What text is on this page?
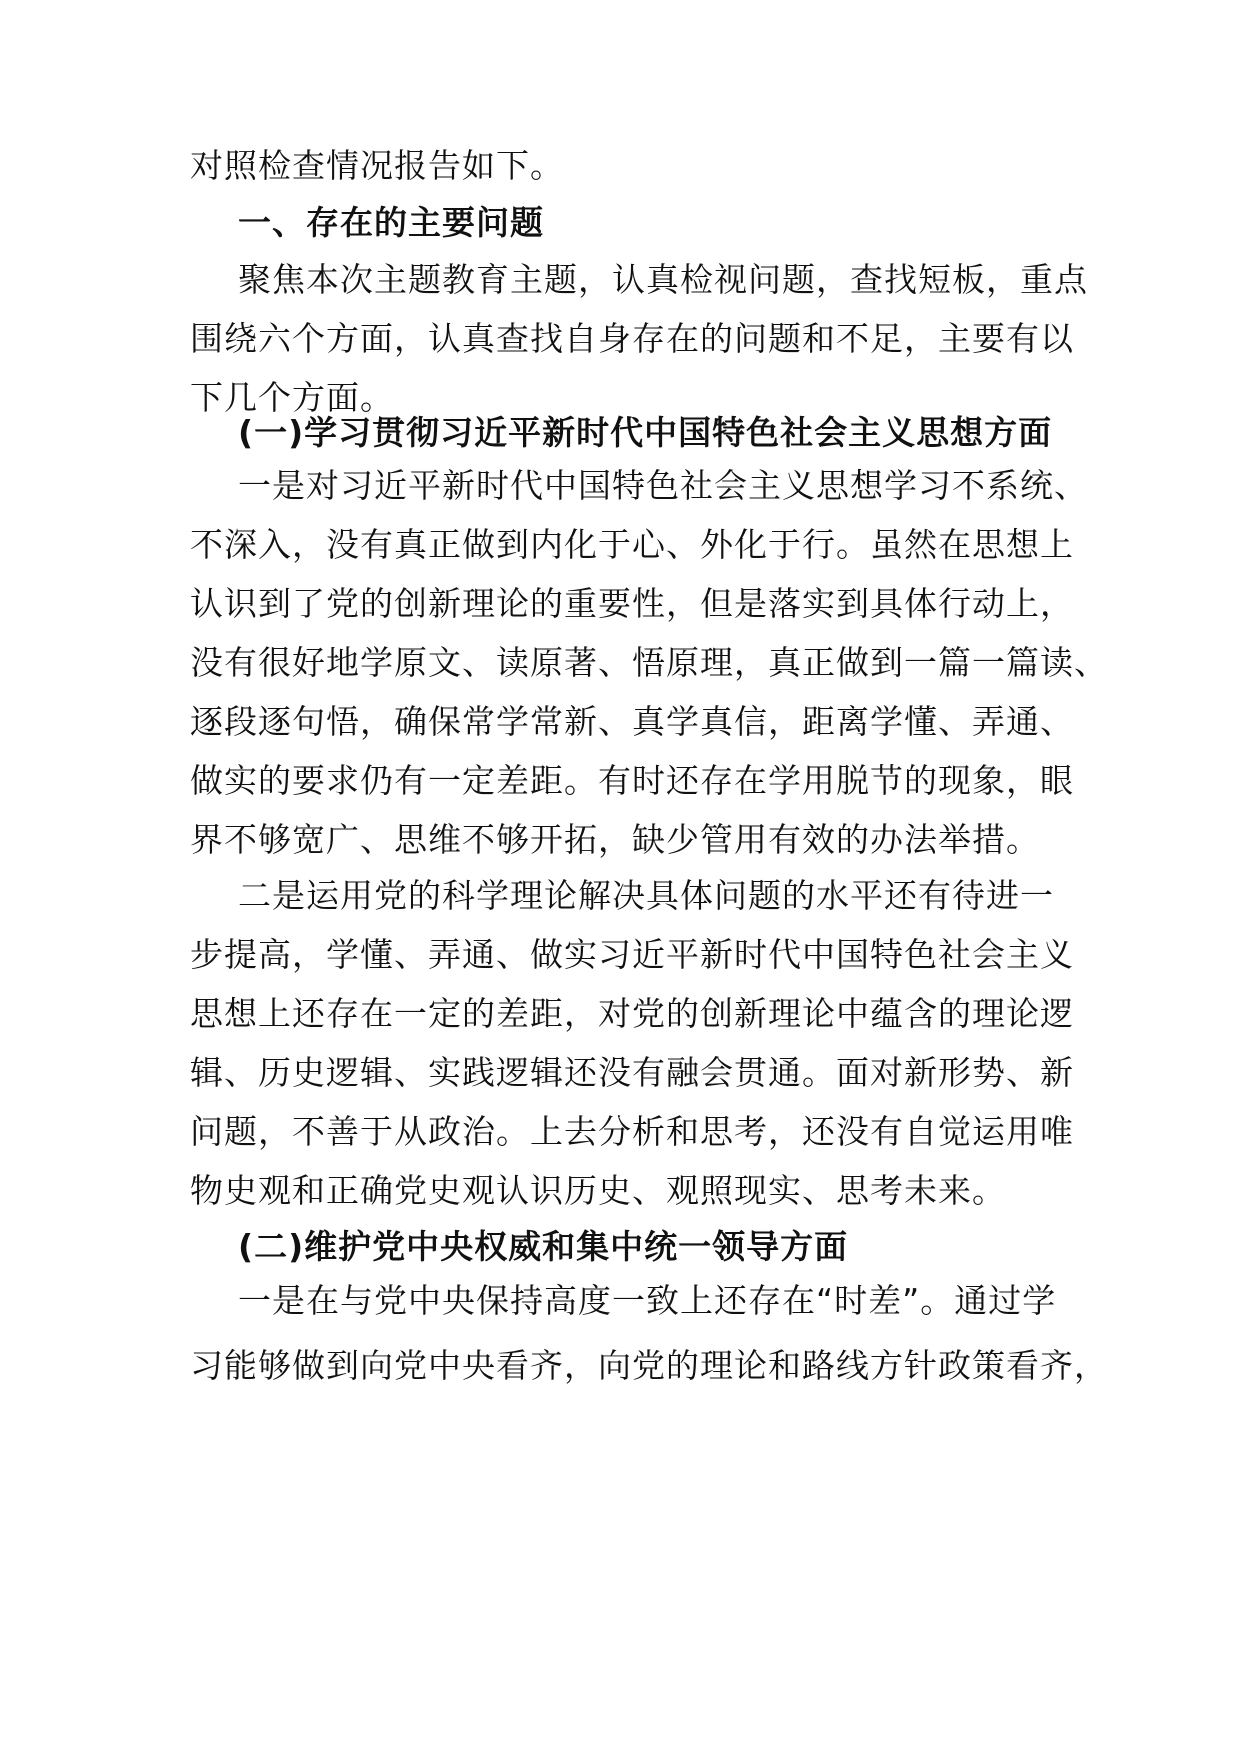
对照检查情况报告如下。
一、存在的主要问题
聚焦本次主题教育主题，认真检视问题，查找短板，重点
围绕六个方面，认真查找自身存在的问题和不足，主要有以
下几个方面。
(一)学习贯彻习近平新时代中国特色社会主义思想方面
一是对习近平新时代中国特色社会主义思想学习不系统、
不深入，没有真正做到内化于心、外化于行。虽然在思想上
认识到了党的创新理论的重要性，但是落实到具体行动上，
没有很好地学原文、读原著、悟原理，真正做到一篇一篇读、
逐段逐句悟，确保常学常新、真学真信，距离学懂、弄通、
做实的要求仍有一定差距。有时还存在学用脱节的现象，眼
界不够宽广、思维不够开拓，缺少管用有效的办法举措。
二是运用党的科学理论解决具体问题的水平还有待进一
步提高，学懂、弄通、做实习近平新时代中国特色社会主义
思想上还存在一定的差距，对党的创新理论中蕴含的理论逻
辑、历史逻辑、实践逻辑还没有融会贯通。面对新形势、新
问题，不善于从政治。上去分析和思考，还没有自觉运用唯
物史观和正确党史观认识历史、观照现实、思考未来。
(二)维护党中央权威和集中统一领导方面
一是在与党中央保持高度一致上还存在“时差”。通过学
习能够做到向党中央看齐，向党的理论和路线方针政策看齐，
